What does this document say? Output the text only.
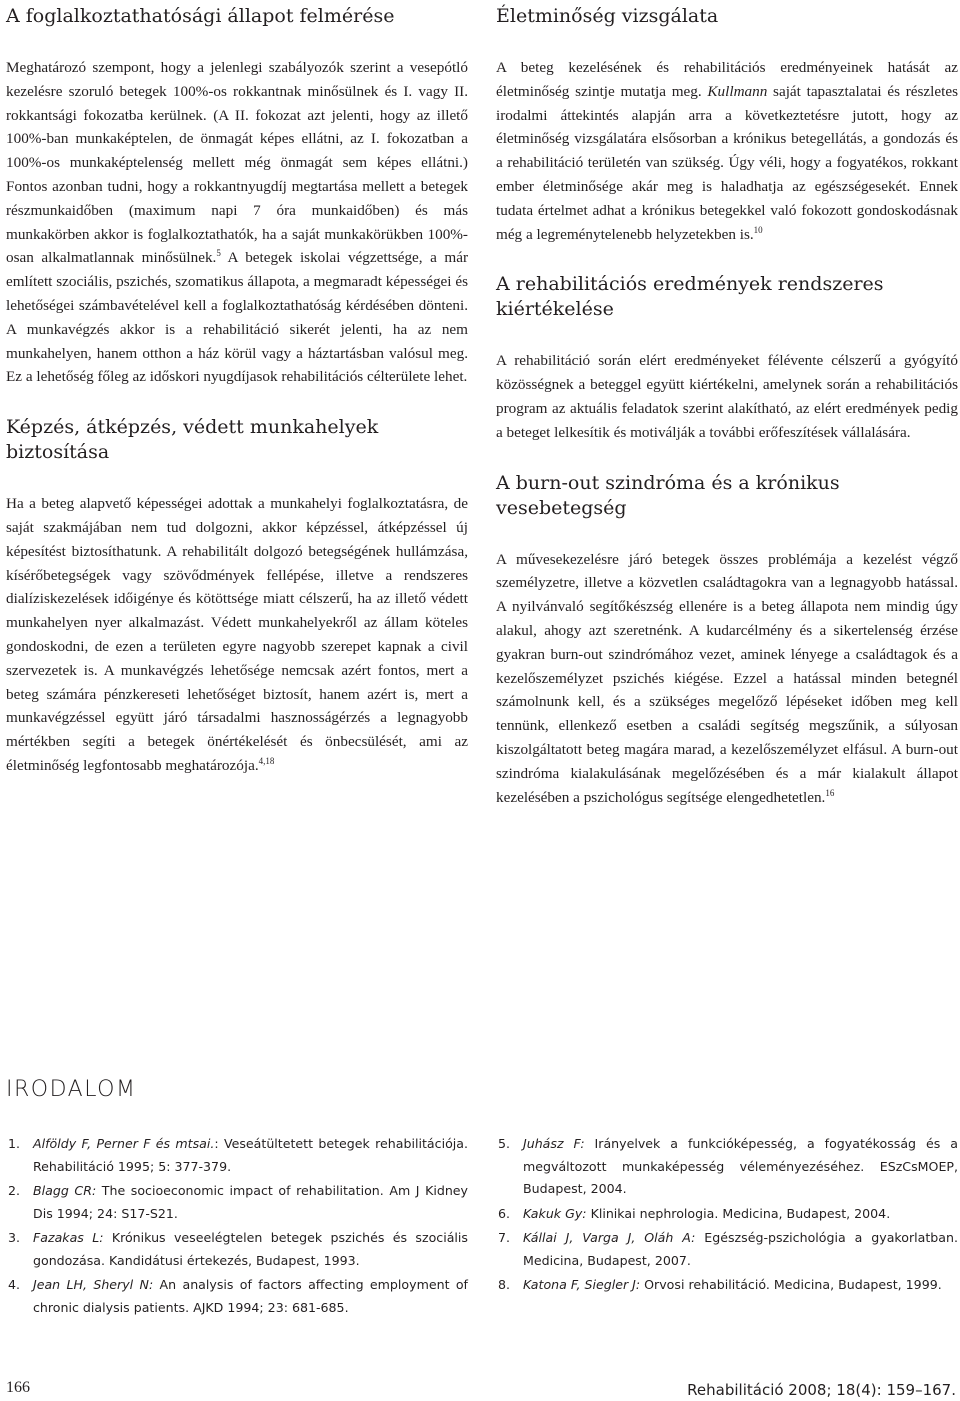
A foglalkoztathatósági állapot felmérése

Meghatározó szempont, hogy a jelenlegi szabályozók szerint a vesepótló kezelésre szoruló betegek 100%-os rokkantnak minősülnek és I. vagy II. rokkantsági fokozatba kerülnek. (A II. fokozat azt jelenti, hogy az illető 100%-ban munkaképtelen, de önmagát képes ellátni, az I. fokozatban a 100%-os munkaképtelenség mellett még önmagát sem képes ellátni.) Fontos azonban tudni, hogy a rokkantnyugdíj megtartása mellett a betegek részmunkaidőben (maximum napi 7 óra munkaidőben) és más munkakörben akkor is foglalkoztathatók, ha a saját munkakörükben 100%-osan alkalmatlannak minősülnek.$^5$ A betegek iskolai végzettsége, a már említett szociális, pszichés, szomatikus állapota, a megmaradt képességei és lehetőségei számbavételével kell a foglalkoztathatóság kérdésében dönteni. A munkavégzés akkor is a rehabilitáció sikerét jelenti, ha az nem munkahelyen, hanem otthon a ház körül vagy a háztartásban valósul meg. Ez a lehetőség főleg az időskori nyugdíjasok rehabilitációs célterülete lehet.

Képzés, átképzés, védett munkahelyek biztosítása

Ha a beteg alapvető képességei adottak a munkahelyi foglalkoztatásra, de saját szakmájában nem tud dolgozni, akkor képzéssel, átképzéssel új képesítést biztosíthatunk. A rehabilitált dolgozó betegségének hullámzása, kísérőbetegségek vagy szövődmények fellépése, illetve a rendszeres dialíziskezelések időigénye és kötöttsége miatt célszerű, ha az illető védett munkahelyen nyer alkalmazást. Védett munkahelyekről az állam köteles gondoskodni, de ezen a területen egyre nagyobb szerepet kapnak a civil szervezetek is. A munkavégzés lehetősége nemcsak azért fontos, mert a beteg számára pénzkereseti lehetőséget biztosít, hanem azért is, mert a munkavégzéssel együtt járó társadalmi hasznosságérzés a legnagyobb mértékben segíti a betegek önértékelését és önbecsülését, ami az életminőség legfontosabb meghatározója.$^{4,18}$

Életminőség vizsgálata

A beteg kezelésének és rehabilitációs eredményeinek hatását az életminőség szintje mutatja meg. Kullmann saját tapasztalatai és részletes irodalmi áttekintés alapján arra a következtetésre jutott, hogy az életminőség vizsgálatára elsősorban a krónikus betegellátás, a gondozás és a rehabilitáció területén van szükség. Úgy véli, hogy a fogyatékos, rokkant ember életminősége akár meg is haladhatja az egészségesekét. Ennek tudata értelmet adhat a krónikus betegekkel való fokozott gondoskodásnak még a legreménytelenebb helyzetekben is.$^{10}$

A rehabilitációs eredmények rendszeres kiértékelése

A rehabilitáció során elért eredményeket félévente célszerű a gyógyító közösségnek a beteggel együtt kiértékelni, amelynek során a rehabilitációs program az aktuális feladatok szerint alakítható, az elért eredmények pedig a beteget lelkesítik és motiválják a további erőfeszítések vállalására.

A burn-out szindróma és a krónikus vesebetegség

A művesekezelésre járó betegek összes problémája a kezelést végző személyzetre, illetve a közvetlen családtagokra van a legnagyobb hatással. A nyilvánvaló segítőkészség ellenére is a beteg állapota nem mindig úgy alakul, ahogy azt szeretnénk. A kudarcélmény és a sikertelenség érzése gyakran burn-out szindrómához vezet, aminek lényege a családtagok és a kezelőszemélyzet pszichés kiégése. Ezzel a hatással minden betegnél számolnunk kell, és a szükséges megelőző lépéseket időben meg kell tennünk, ellenkező esetben a családi segítség megszűnik, a súlyosan kiszolgáltatott beteg magára marad, a kezelőszemélyzet elfásul. A burn-out szindróma kialakulásának megelőzésében és a már kialakult állapot kezelésében a pszichológus segítsége elengedhetetlen.$^{16}$

IRODALOM
1.	Alföldy F, Perner F és mtsai.: Veseátültetett betegek rehabilitációja. Rehabilitáció 1995; 5: 377-379.
2.	Blagg CR: The socioeconomic impact of rehabilitation. Am J Kidney Dis 1994; 24: S17-S21.
3.	Fazakas L: Krónikus veseelégtelen betegek pszichés és szociális gondozása. Kandidátusi értekezés, Budapest, 1993.
4.	Jean LH, Sheryl N: An analysis of factors affecting employment of chronic dialysis patients. AJKD 1994; 23: 681-685.
5.	Juhász F: Irányelvek a funkcióképesség, a fogyatékosság és a megváltozott munkaképesség véleményezéséhez. ESzCsMOEP, Budapest, 2004.
6.	Kakuk Gy: Klinikai nephrologia. Medicina, Budapest, 2004.
7.	Kállai J, Varga J, Oláh A: Egészség-pszichológia a gyakorlatban. Medicina, Budapest, 2007.
8.	Katona F, Siegler J: Orvosi rehabilitáció. Medicina, Budapest, 1999.
166	Rehabilitáció 2008; 18(4): 159–167.
